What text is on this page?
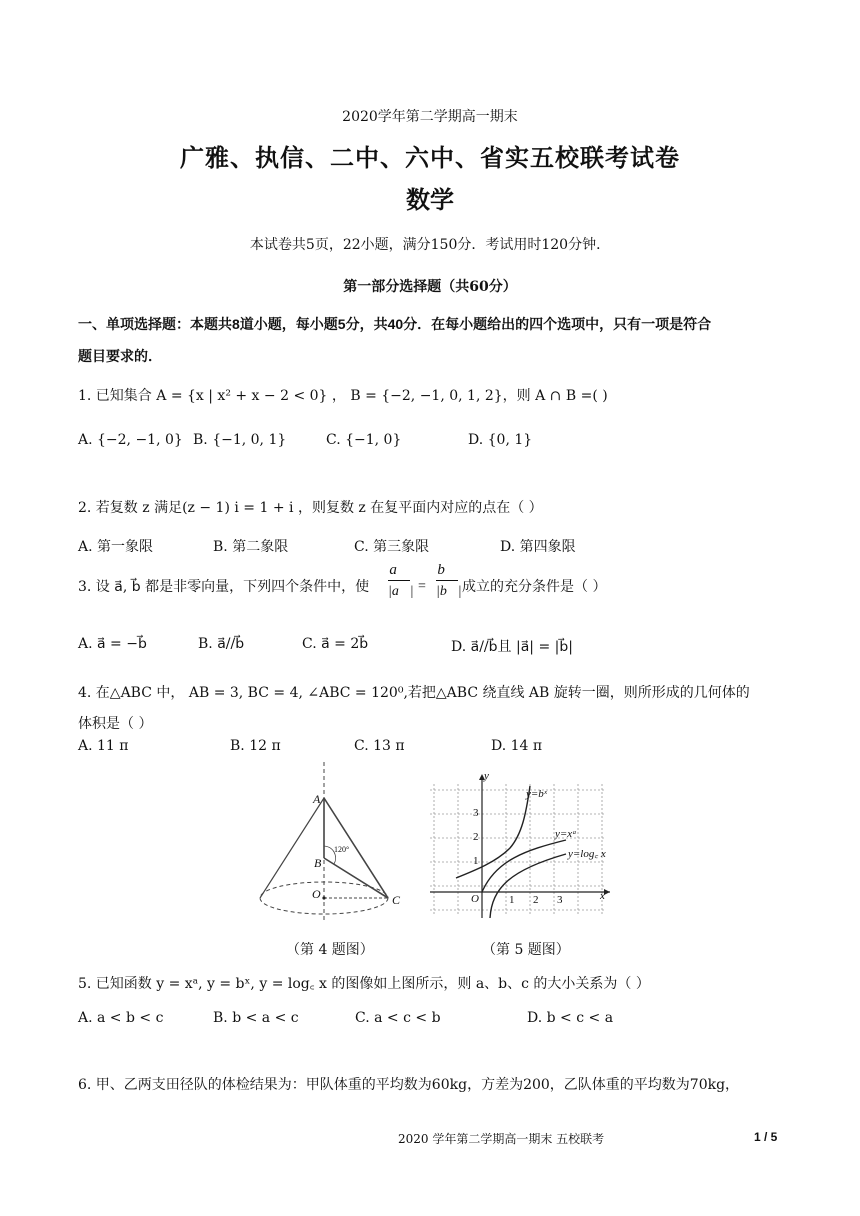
2020学年第二学期高一期末
广雅、执信、二中、六中、省实五校联考试卷
数学
本试卷共5页，22小题，满分150分．考试用时120分钟．
第一部分选择题（共60分）
一、单项选择题：本题共8道小题，每小题5分，共40分．在每小题给出的四个选项中，只有一项是符合
题目要求的．
1. 已知集合 A = {x | x² + x − 2 < 0} ， B = {−2, −1, 0, 1, 2}，则 A ∩ B =( )
A. {−2, −1, 0} B. {−1, 0, 1}	C. {−1, 0}	D. {0, 1}
2. 若复数 z 满足(z − 1) i = 1 + i ，则复数 z 在复平面内对应的点在（ ）
A. 第一象限	B. 第二象限	C. 第三象限	D. 第四象限
3. 设 a⃗, b⃗ 都是非零向量，下列四个条件中，使 $\frac{a⃗}{|a⃗|} = \frac{b⃗}{|b⃗|}$ 成立的充分条件是（ ）
A. a⃗ = −b⃗	B. a⃗//b⃗	C. a⃗ = 2b⃗	D. a⃗//b⃗且 |a⃗| = |b⃗|
4. 在△ABC 中， AB = 3, BC = 4, ∠ABC = 120⁰,若把△ABC 绕直线 AB 旋转一圈，则所形成的几何体的
体积是（ ）
A. 11 π	B. 12 π	C. 13 π	D. 14 π
A
B
O	C
120°
（第 4 题图）
y
x
O
1
2
3
1 2 3
y=bˣ
y=xᵃ
y=log꜀ x
（第 5 题图）
5. 已知函数 y = xᵃ, y = bˣ, y = log꜀ x 的图像如上图所示，则 a、b、c 的大小关系为（ ）
A. a < b < c	B. b < a < c	C. a < c < b	D. b < c < a
6. 甲、乙两支田径队的体检结果为：甲队体重的平均数为60kg，方差为200，乙队体重的平均数为70kg，
2020 学年第二学期高一期末 五校联考	1 / 5
